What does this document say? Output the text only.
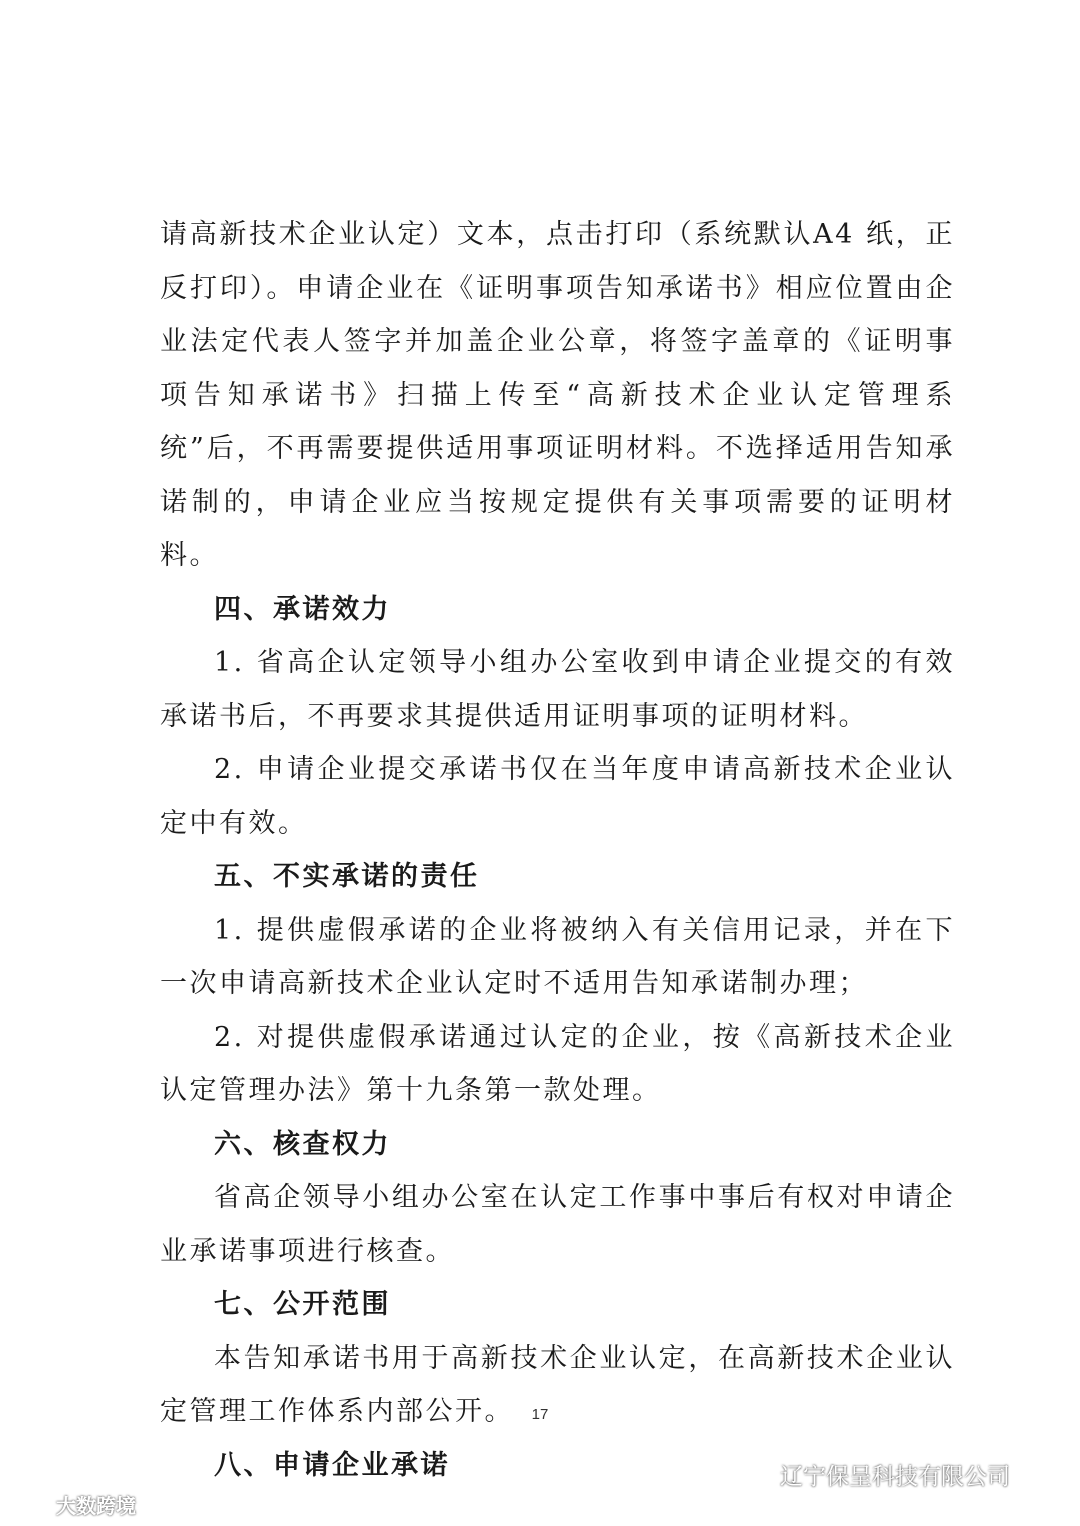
请高新技术企业认定）文本，点击打印（系统默认A4 纸，正反打印）。申请企业在《证明事项告知承诺书》相应位置由企业法定代表人签字并加盖企业公章，将签字盖章的《证明事项告知承诺书》扫描上传至“高新技术企业认定管理系统”后，不再需要提供适用事项证明材料。不选择适用告知承诺制的，申请企业应当按规定提供有关事项需要的证明材料。

四、承诺效力

1. 省高企认定领导小组办公室收到申请企业提交的有效承诺书后，不再要求其提供适用证明事项的证明材料。

2. 申请企业提交承诺书仅在当年度申请高新技术企业认定中有效。

五、不实承诺的责任

1. 提供虚假承诺的企业将被纳入有关信用记录，并在下一次申请高新技术企业认定时不适用告知承诺制办理；

2. 对提供虚假承诺通过认定的企业，按《高新技术企业认定管理办法》第十九条第一款处理。

六、核查权力

省高企领导小组办公室在认定工作事中事后有权对申请企业承诺事项进行核查。

七、公开范围

本告知承诺书用于高新技术企业认定，在高新技术企业认定管理工作体系内部公开。

八、申请企业承诺

17
大数跨境
辽宁保呈科技有限公司
